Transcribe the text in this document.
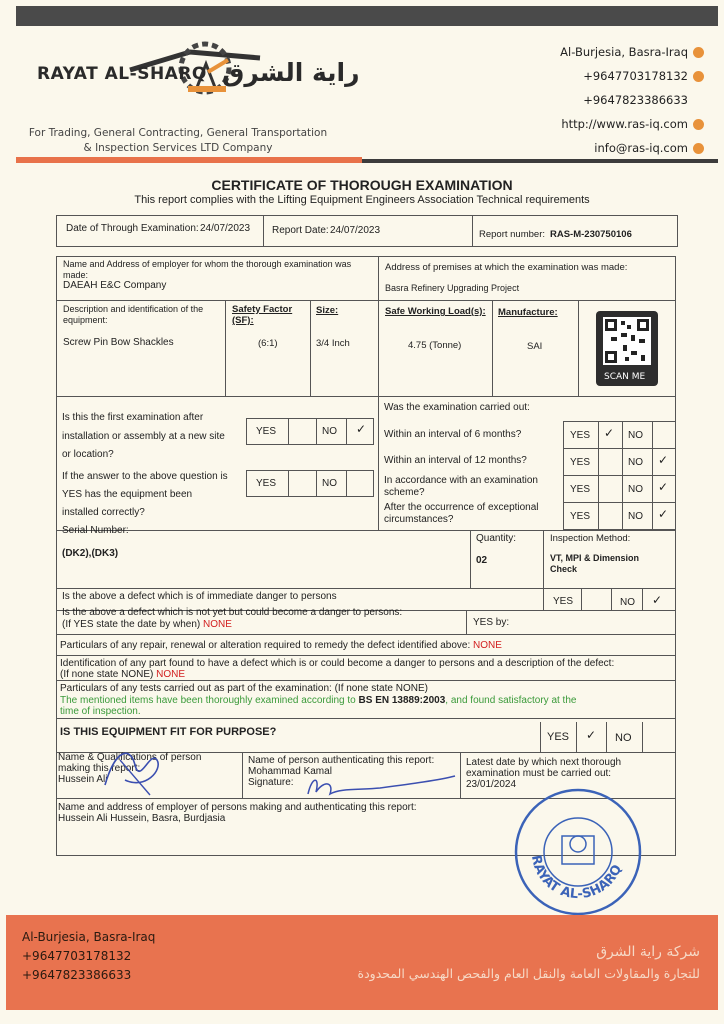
RAYAT AL-SHARQ راية الشرق
For Trading, General Contracting, General Transportation
& Inspection Services LTD Company
Al-Burjesia, Basra-Iraq
+9647703178132
+9647823386633
http://www.ras-iq.com
info@ras-iq.com
CERTIFICATE OF THOROUGH EXAMINATION
This report complies with the Lifting Equipment Engineers Association Technical requirements
Date of Through Examination: 24/07/2023 Report Date: 24/07/2023	Report number: RAS-M-230750106
Name and Address of employer for whom the thorough examination was made:
DAEAH E&C Company
Address of premises at which the examination was made:
Basra Refinery Upgrading Project
Description and identification of the equipment:
Screw Pin Bow Shackles
Safety Factor (SF):
(6:1)
Size:
3/4 Inch
Safe Working Load(s):
4.75 (Tonne)
Manufacture:
SAI
SCAN ME
Is this the first examination after
installation or assembly at a new site
or location?
YES	NO ✓
If the answer to the above question is
YES has the equipment been
installed correctly?
YES	NO
Was the examination carried out:
Within an interval of 6 months?	YES ✓ NO
Within an interval of 12 months?	YES	NO ✓
In accordance with an examination
scheme?	YES	NO ✓
After the occurrence of exceptional
circumstances?	YES	NO ✓
Serial Number:
(DK2),(DK3)
Quantity:
02
Inspection Method:
VT, MPI & Dimension
Check
Is the above a defect which is of immediate danger to persons	YES	NO ✓
Is the above a defect which is not yet but could become a danger to persons:
(If YES state the date by when) NONE	YES by:
Particulars of any repair, renewal or alteration required to remedy the defect identified above: NONE
Identification of any part found to have a defect which is or could become a danger to persons and a description of the defect:
(If none state NONE) NONE
Particulars of any tests carried out as part of the examination: (If none state NONE)
The mentioned items have been thoroughly examined according to BS EN 13889:2003, and found satisfactory at the
time of inspection.
IS THIS EQUIPMENT FIT FOR PURPOSE?	YES ✓ NO
Name & Qualifications of person
making this report:
Hussein Ali
Name of person authenticating this report:
Mohammad Kamal
Signature:
Latest date by which next thorough
examination must be carried out:
23/01/2024
Name and address of employer of persons making and authenticating this report:
Hussein Ali Hussein, Basra, Burdjasia
RAYAT AL-SHARQ
Al-Burjesia, Basra-Iraq
+9647703178132
+9647823386633
شركة راية الشرق
للتجارة والمقاولات العامة والنقل العام والفحص الهندسي المحدودة
